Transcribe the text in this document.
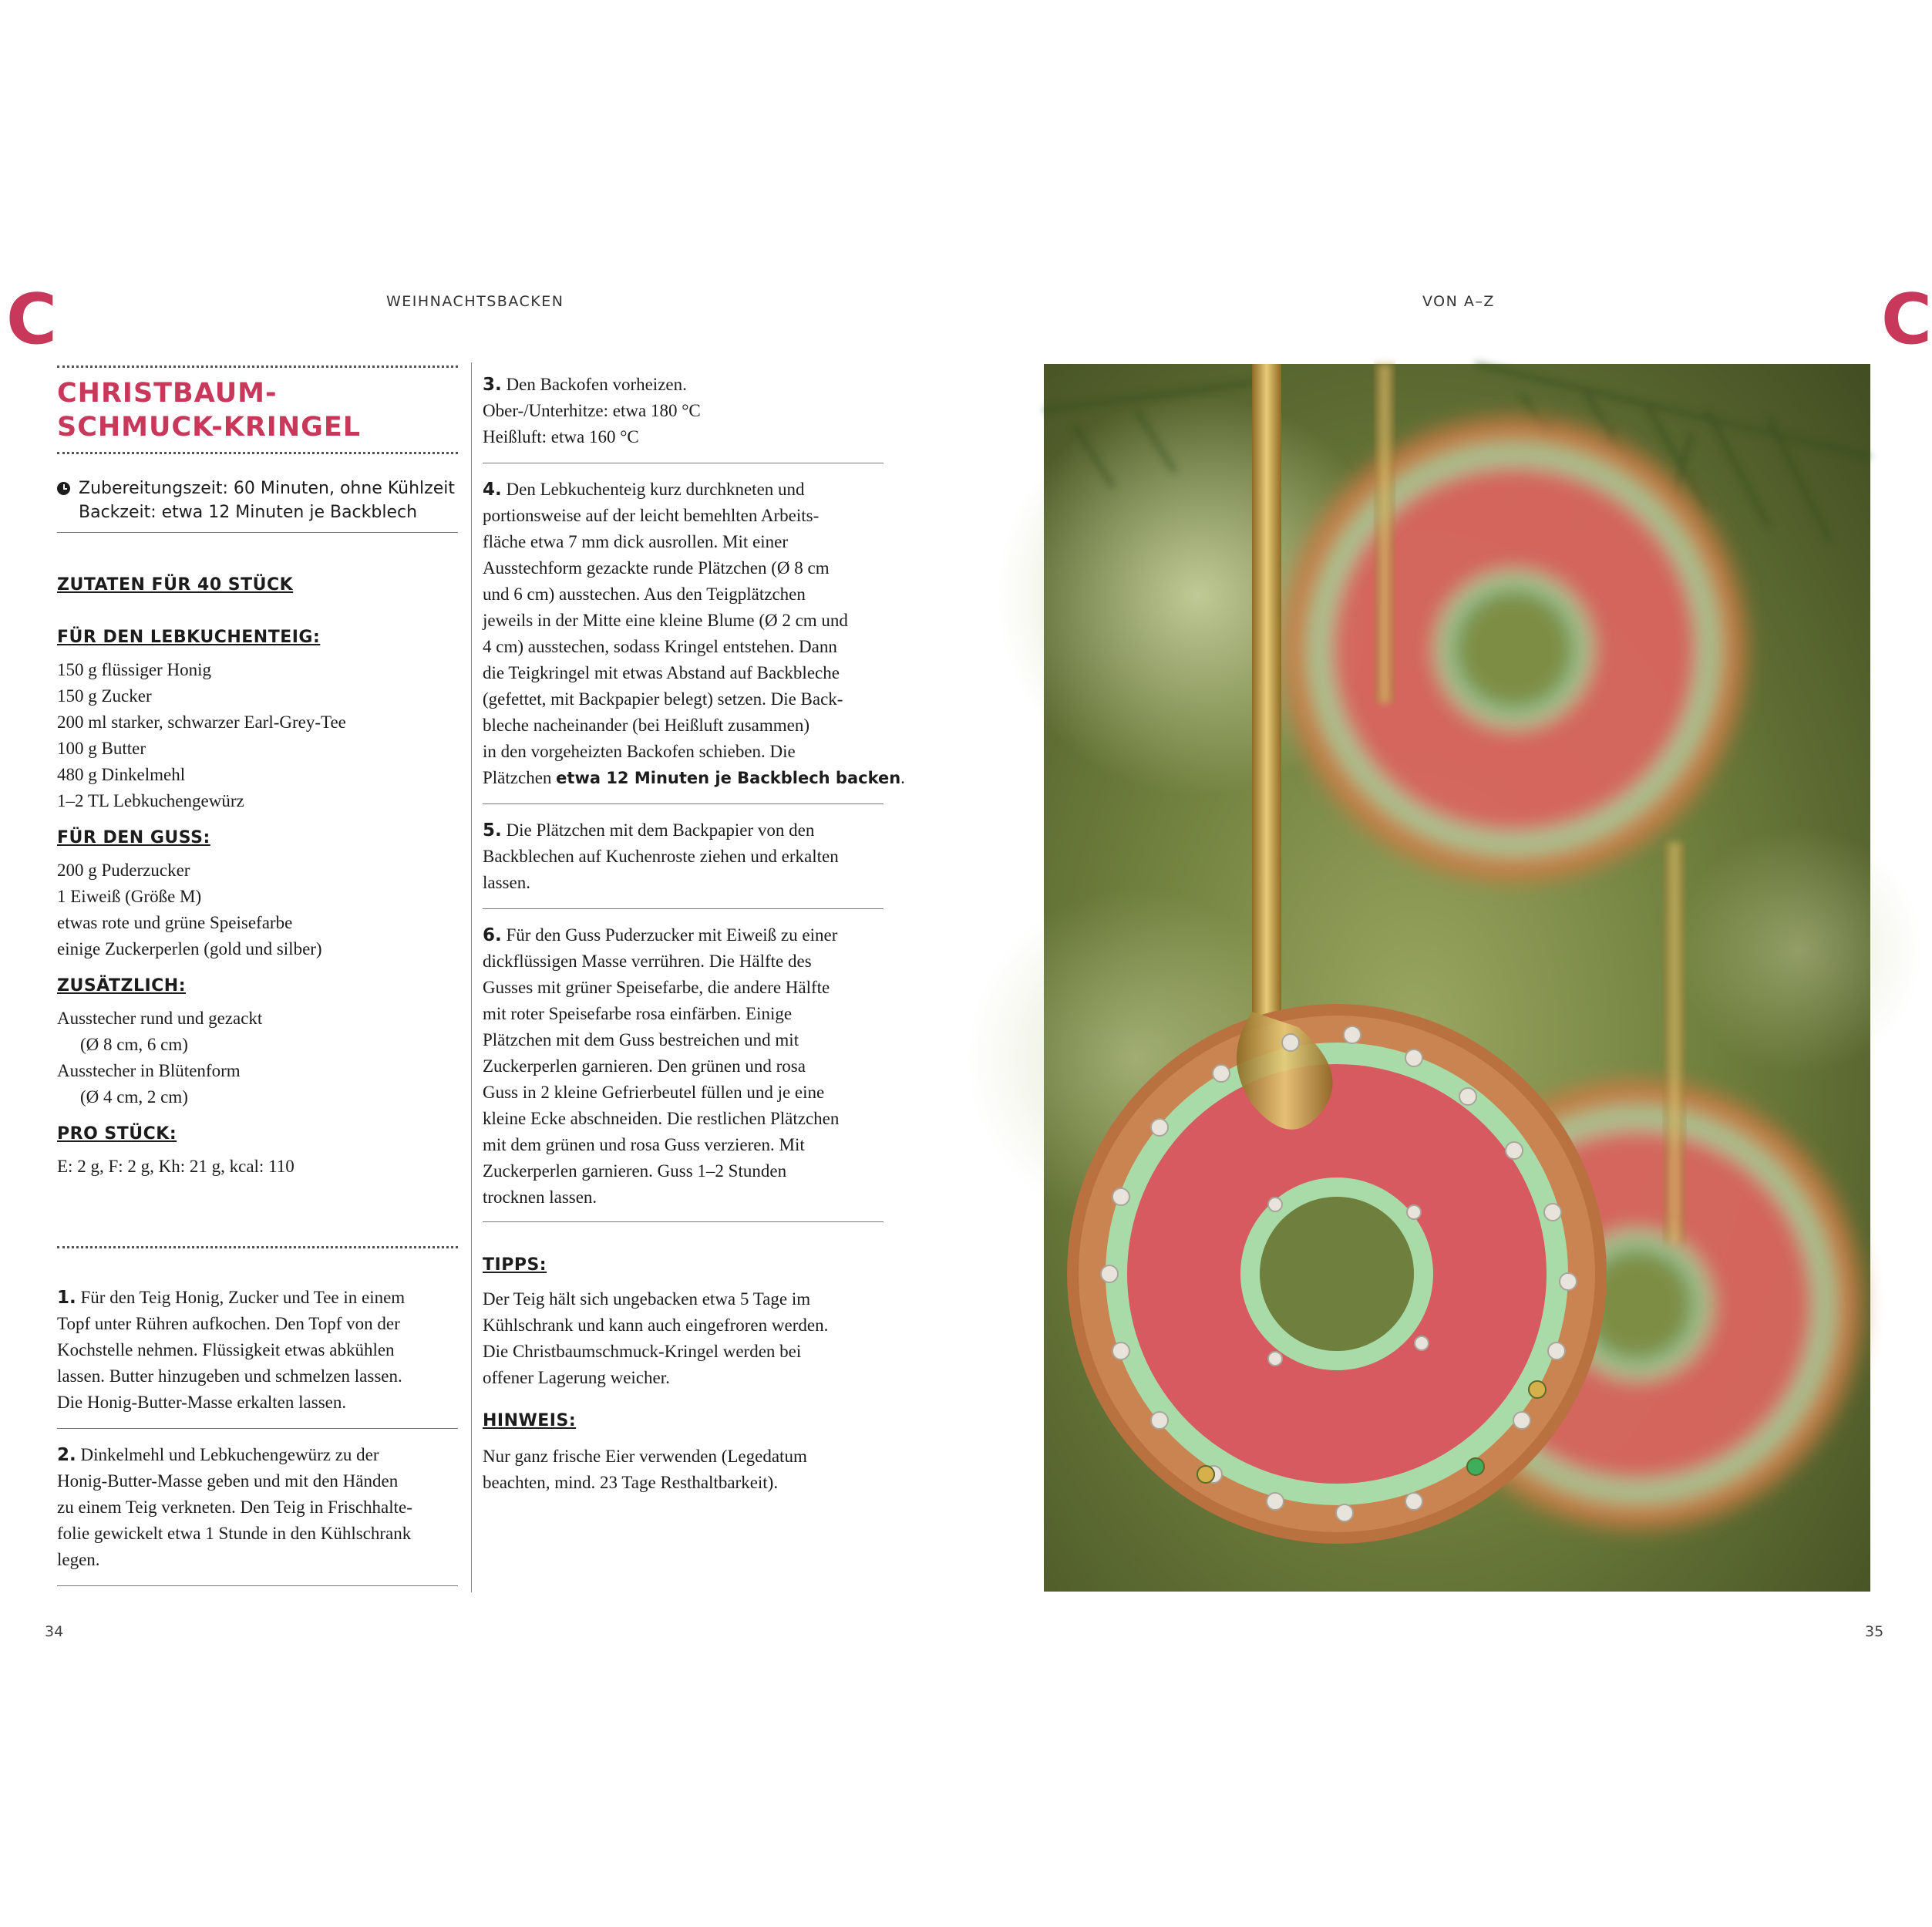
C	C
WEIHNACHTSBACKEN	VON A–Z
CHRISTBAUM-
SCHMUCK-KRINGEL
Zubereitungszeit: 60 Minuten, ohne Kühlzeit
Backzeit: etwa 12 Minuten je Backblech
ZUTATEN FÜR 40 STÜCK
FÜR DEN LEBKUCHENTEIG:
150 g flüssiger Honig
150 g Zucker
200 ml starker, schwarzer Earl-Grey-Tee
100 g Butter
480 g Dinkelmehl
1–2 TL Lebkuchengewürz
FÜR DEN GUSS:
200 g Puderzucker
1 Eiweiß (Größe M)
etwas rote und grüne Speisefarbe
einige Zuckerperlen (gold und silber)
ZUSÄTZLICH:
Ausstecher rund und gezackt
(Ø 8 cm, 6 cm)
Ausstecher in Blütenform
(Ø 4 cm, 2 cm)
PRO STÜCK:
E: 2 g, F: 2 g, Kh: 21 g, kcal: 110
1. Für den Teig Honig, Zucker und Tee in einem
Topf unter Rühren aufkochen. Den Topf von der
Kochstelle nehmen. Flüssigkeit etwas abkühlen
lassen. Butter hinzugeben und schmelzen lassen.
Die Honig-Butter-Masse erkalten lassen.
2. Dinkelmehl und Lebkuchengewürz zu der
Honig-Butter-Masse geben und mit den Händen
zu einem Teig verkneten. Den Teig in Frischhalte-
folie gewickelt etwa 1 Stunde in den Kühlschrank
legen.
3. Den Backofen vorheizen.
Ober-/Unterhitze: etwa 180 °C
Heißluft: etwa 160 °C
4. Den Lebkuchenteig kurz durchkneten und
portionsweise auf der leicht bemehlten Arbeits-
fläche etwa 7 mm dick ausrollen. Mit einer
Ausstechform gezackte runde Plätzchen (Ø 8 cm
und 6 cm) ausstechen. Aus den Teigplätzchen
jeweils in der Mitte eine kleine Blume (Ø 2 cm und
4 cm) ausstechen, sodass Kringel entstehen. Dann
die Teigkringel mit etwas Abstand auf Backbleche
(gefettet, mit Backpapier belegt) setzen. Die Back-
bleche nacheinander (bei Heißluft zusammen)
in den vorgeheizten Backofen schieben. Die
Plätzchen etwa 12 Minuten je Backblech backen.
5. Die Plätzchen mit dem Backpapier von den
Backblechen auf Kuchenroste ziehen und erkalten
lassen.
6. Für den Guss Puderzucker mit Eiweiß zu einer
dickflüssigen Masse verrühren. Die Hälfte des
Gusses mit grüner Speisefarbe, die andere Hälfte
mit roter Speisefarbe rosa einfärben. Einige
Plätzchen mit dem Guss bestreichen und mit
Zuckerperlen garnieren. Den grünen und rosa
Guss in 2 kleine Gefrierbeutel füllen und je eine
kleine Ecke abschneiden. Die restlichen Plätzchen
mit dem grünen und rosa Guss verzieren. Mit
Zuckerperlen garnieren. Guss 1–2 Stunden
trocknen lassen.
TIPPS:
Der Teig hält sich ungebacken etwa 5 Tage im
Kühlschrank und kann auch eingefroren werden.
Die Christbaumschmuck-Kringel werden bei
offener Lagerung weicher.
HINWEIS:
Nur ganz frische Eier verwenden (Legedatum
beachten, mind. 23 Tage Resthaltbarkeit).
34	35
